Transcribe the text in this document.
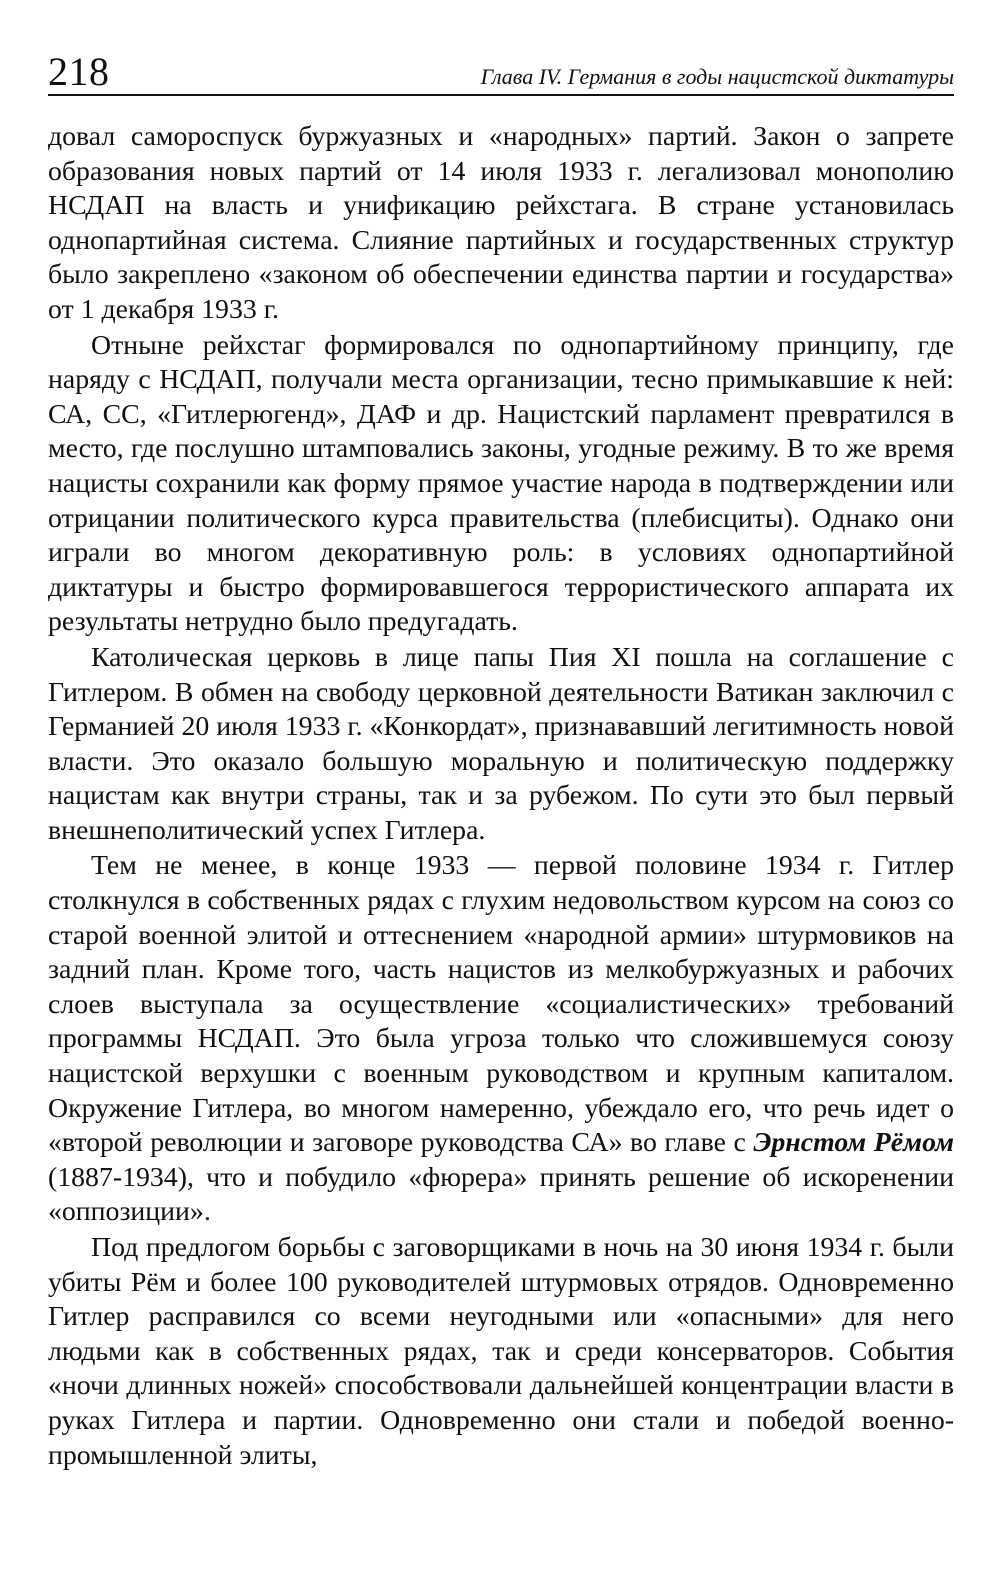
218	Глава IV. Германия в годы нацистской диктатуры

довал самороспуск буржуазных и «народных» партий. Закон о запрете образования новых партий от 14 июля 1933 г. легализовал монополию НСДАП на власть и унификацию рейхстага. В стране установилась однопартийная система. Слияние партийных и государственных структур было закреплено «законом об обеспечении единства партии и государства» от 1 декабря 1933 г.

Отныне рейхстаг формировался по однопартийному принципу, где наряду с НСДАП, получали места организации, тесно примыкавшие к ней: СА, СС, «Гитлерюгенд», ДАФ и др. Нацистский парламент превратился в место, где послушно штамповались законы, угодные режиму. В то же время нацисты сохранили как форму прямое участие народа в подтверждении или отрицании политического курса правительства (плебисциты). Однако они играли во многом декоративную роль: в условиях однопартийной диктатуры и быстро формировавшегося террористического аппарата их результаты нетрудно было предугадать.

Католическая церковь в лице папы Пия XI пошла на соглашение с Гитлером. В обмен на свободу церковной деятельности Ватикан заключил с Германией 20 июля 1933 г. «Конкордат», признававший легитимность новой власти. Это оказало большую моральную и политическую поддержку нацистам как внутри страны, так и за рубежом. По сути это был первый внешнеполитический успех Гитлера.

Тем не менее, в конце 1933 — первой половине 1934 г. Гитлер столкнулся в собственных рядах с глухим недовольством курсом на союз со старой военной элитой и оттеснением «народной армии» штурмовиков на задний план. Кроме того, часть нацистов из мелкобуржуазных и рабочих слоев выступала за осуществление «социалистических» требований программы НСДАП. Это была угроза только что сложившемуся союзу нацистской верхушки с военным руководством и крупным капиталом. Окружение Гитлера, во многом намеренно, убеждало его, что речь идет о «второй революции и заговоре руководства СА» во главе с Эрнстом Рёмом (1887-1934), что и побудило «фюрера» принять решение об искоренении «оппозиции».

Под предлогом борьбы с заговорщиками в ночь на 30 июня 1934 г. были убиты Рём и более 100 руководителей штурмовых отрядов. Одновременно Гитлер расправился со всеми неугодными или «опасными» для него людьми как в собственных рядах, так и среди консерваторов. События «ночи длинных ножей» способствовали дальнейшей концентрации власти в руках Гитлера и партии. Одновременно они стали и победой военно-промышленной элиты,
